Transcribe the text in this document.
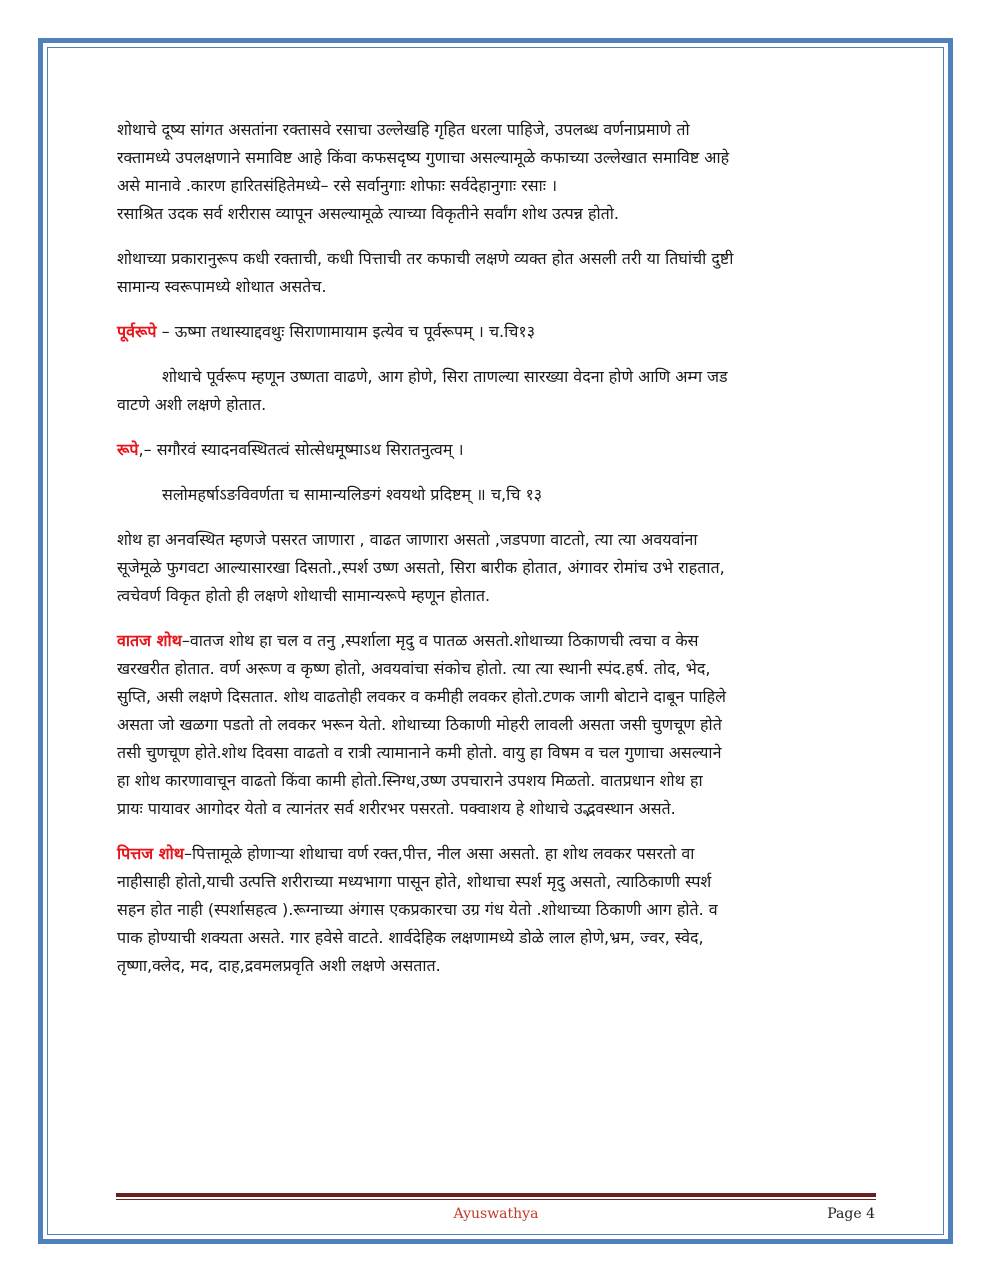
शोथाचे दूष्य सांगत असतांना रक्तासवे रसाचा उल्लेखहि गृहित धरला पाहिजे, उपलब्ध वर्णनाप्रमाणे तो
रक्तामध्ये उपलक्षणाने समाविष्ट आहे किंवा कफसदृष्य गुणाचा असल्यामूळे कफाच्या उल्लेखात समाविष्ट आहे
असे मानावे .कारण हारितसंहितेमध्ये– रसे सर्वानुगाः शोफाः सर्वदेहानुगाः रसाः ।
रसाश्रित उदक सर्व शरीरास व्यापून असल्यामूळे त्याच्या विकृतीने सर्वांग शोथ उत्पन्न होतो.

शोथाच्या प्रकारानुरूप कधी रक्ताची, कधी पित्ताची तर कफाची लक्षणे व्यक्त होत असली तरी या तिघांची दुष्टी
सामान्य स्वरूपामध्ये शोथात असतेच.

पूर्वरूपे – ऊष्मा तथास्याद्दवथुः सिराणामायाम इत्येव च पूर्वरूपम् । च.चि१३

शोथाचे पूर्वरूप म्हणून उष्णता वाढणे, आग होणे, सिरा ताणल्या सारख्या वेदना होणे आणि अम्ग जड
वाटणे अशी लक्षणे होतात.

रूपे,– सगौरवं स्यादनवस्थितत्वं सोत्सेधमूष्माऽथ सिरातनुत्वम् ।

सलोमहर्षाऽङविवर्णता च सामान्यलिङगं श्वयथो प्रदिष्टम् ॥ च,चि १३

शोथ हा अनवस्थित म्हणजे पसरत जाणारा , वाढत जाणारा असतो ,जडपणा वाटतो, त्या त्या अवयवांना
सूजेमूळे फुगवटा आल्यासारखा दिसतो.,स्पर्श उष्ण असतो, सिरा बारीक होतात, अंगावर रोमांच उभे राहतात,
त्वचेवर्ण विकृत होतो ही लक्षणे शोथाची सामान्यरूपे म्हणून होतात.

वातज शोथ–वातज शोथ हा चल व तनु ,स्पर्शाला मृदु व पातळ असतो.शोथाच्या ठिकाणची त्वचा व केस
खरखरीत होतात. वर्ण अरूण व कृष्ण होतो, अवयवांचा संकोच होतो. त्या त्या स्थानी स्पंद.हर्ष. तोद, भेद,
सुप्ति, असी लक्षणे दिसतात. शोथ वाढतोही लवकर व कमीही लवकर होतो.टणक जागी बोटाने दाबून पाहिले
असता जो खळगा पडतो तो लवकर भरून येतो. शोथाच्या ठिकाणी मोहरी लावली असता जसी चुणचूण होते
तसी चुणचूण होते.शोथ दिवसा वाढतो व रात्री त्यामानाने कमी होतो. वायु हा विषम व चल गुणाचा असल्याने
हा शोथ कारणावाचून वाढतो किंवा कामी होतो.स्निग्ध,उष्ण उपचाराने उपशय मिळतो. वातप्रधान शोथ हा
प्रायः पायावर आगोदर येतो व त्यानंतर सर्व शरीरभर पसरतो. पक्वाशय हे शोथाचे उद्भवस्थान असते.

पित्तज शोथ–पित्तामूळे होणाऱ्या शोथाचा वर्ण रक्त,पीत्त, नील असा असतो. हा शोथ लवकर पसरतो वा
नाहीसाही होतो,याची उत्पत्ति शरीराच्या मध्यभागा पासून होते, शोथाचा स्पर्श मृदु असतो, त्याठिकाणी स्पर्श
सहन होत नाही (स्पर्शासहत्व ).रूग्नाच्या अंगास एकप्रकारचा उग्र गंध येतो .शोथाच्या ठिकाणी आग होते. व
पाक होण्याची शक्यता असते. गार हवेसे वाटते. शार्वदेहिक लक्षणामध्ये डोळे लाल होणे,भ्रम, ज्वर, स्वेद,
तृष्णा,क्लेद, मद, दाह,द्रवमलप्रवृति अशी लक्षणे असतात.

Ayuswathya	Page 4
